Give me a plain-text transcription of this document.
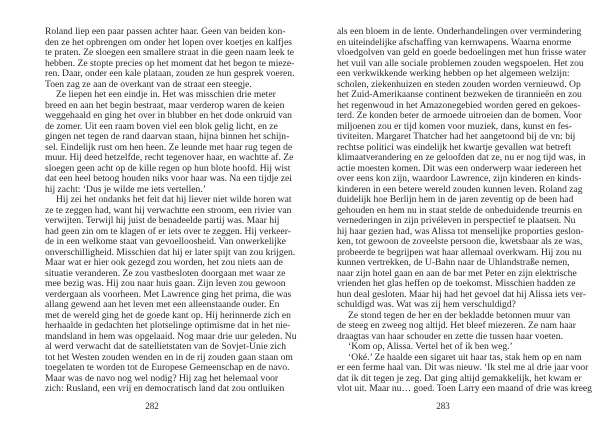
Roland liep een paar passen achter haar. Geen van beiden kon-
den ze het opbrengen om onder het lopen over koetjes en kalfjes
te praten. Ze sloegen een smallere straat in die geen naam leek te
hebben. Ze stopte precies op het moment dat het begon te mieze-
ren. Daar, onder een kale plataan, zouden ze hun gesprek voeren.
Toen zag ze aan de overkant van de straat een steegje.
Ze liepen het een eindje in. Het was misschien drie meter
breed en aan het begin bestraat, maar verderop waren de keien
weggehaald en ging het over in blubber en het dode onkruid van
de zomer. Uit een raam boven viel een blok gelig licht, en ze
gingen net tegen de rand daarvan staan, hijna binnen het schijn-
sel. Eindelijk rust om hen heen. Ze leunde met haar rug tegen de
muur. Hij deed hetzelfde, recht tegenover haar, en wachtte af. Ze
sloegen geen acht op de kille regen op hun blote hoofd. Hij wist
dat een heel betoog houden niks voor haar was. Na een tijdje zei
hij zacht: ‘Dus je wilde me iets vertellen.’
Hij zei het ondanks het feit dat hij liever niet wilde horen wat
ze te zeggen had, want hij verwachtte een stroom, een rivier van
verwijten. Terwijl hij juist de benadeelde partij was. Maar hij
had geen zin om te klagen of er iets over te zeggen. Hij verkeer-
de in een welkome staat van gevoelloosheid. Van onwerkelijke
onverschilligheid. Misschien dat hij er later spijt van zou krijgen.
Maar wat er hier ook gezegd zou worden, het zou niets aan de
situatie veranderen. Ze zou vastbesloten doorgaan met waar ze
mee bezig was. Hij zou naar huis gaan. Zijn leven zou gewoon
verdergaan als voorheen. Met Lawrence ging het prima, die was
allang gewend aan het leven met een alleenstaande ouder. En
met de wereld ging het de goede kant op. Hij herinnerde zich en
herhaalde in gedachten het plotselinge optimisme dat in het nie-
mandsland in hem was opgelaaid. Nog maar drie uur geleden. Nu
al werd verwacht dat de satellietstaten van de Sovjet-Unie zich
tot het Westen zouden wenden en in de rij zouden gaan staan om
toegelaten te worden tot de Europese Gemeenschap en de navo.
Maar was de navo nog wel nodig? Hij zag het helemaal voor
zich: Rusland, een vrij en democratisch land dat zou ontluiken
282
als een bloem in de lente. Onderhandelingen over vermindering
en uiteindelijke afschaffing van kernwapens. Waarna enorme
vloedgolven van geld en goede bedoelingen met hun frisse water
het vuil van alle sociale problemen zouden wegspoelen. Het zou
een verkwikkende werking hebben op het algemeen welzijn:
scholen, ziekenhuizen en steden zouden worden vernieuwd. Op
het Zuid-Amerikaanse continent bezweken de tirannieën en zou
het regenwoud in het Amazonegebied worden gered en gekoes-
terd. Ze konden beter de armoede uitroeien dan de bomen. Voor
miljoenen zou er tijd komen voor muziek, dans, kunst en fes-
tiviteiten. Margaret Thatcher had het aangetoond bij de vn: bij
rechtse politici was eindelijk het kwartje gevallen wat betreft
klimaatverandering en ze geloofden dat ze, nu er nog tijd was, in
actie moesten komen. Dit was een onderwerp waar iedereen het
over eens kon zijn, waardoor Lawrence, zijn kinderen en kinds-
kinderen in een betere wereld zouden kunnen leven. Roland zag
duidelijk hoe Berlijn hem in de jaren zeventig op de been had
gehouden en hem nu in staat stelde de onbeduidende treurnis en
vernederingen in zijn privéleven in perspectief te plaatsen. Nu
hij haar gezien had, was Alissa tot menselijke proporties geslon-
ken, tot gewoon de zoveelste persoon die, kwetsbaar als ze was,
probeerde te begrijpen wat haar allemaal overkwam. Hij zou nu
kunnen vertrekken, de U-Bahn naar de Uhlandstraße nemen,
naar zijn hotel gaan en aan de bar met Peter en zijn elektrische
vrienden het glas heffen op de toekomst. Misschien hadden ze
hun deal gesloten. Maar hij had het gevoel dat hij Alissa iets ver-
schuldigd was. Wat was zij hem verschuldigd?
Ze stond tegen de her en der bekladde betonnen muur van
de steeg en zweeg nog altijd. Het bleef miezeren. Ze nam haar
draagtas van haar schouder en zette die tussen haar voeten.
‘Kom op, Alissa. Vertel het of ik ben weg.’
‘Oké.’ Ze haalde een sigaret uit haar tas, stak hem op en nam
er een ferme haal van. Dit was nieuw. ‘Ik stel me al drie jaar voor
dat ik dit tegen je zeg. Dat ging altijd gemakkelijk, het kwam er
vlot uit. Maar nu… goed. Toen Larry een maand of drie was kreeg
283
